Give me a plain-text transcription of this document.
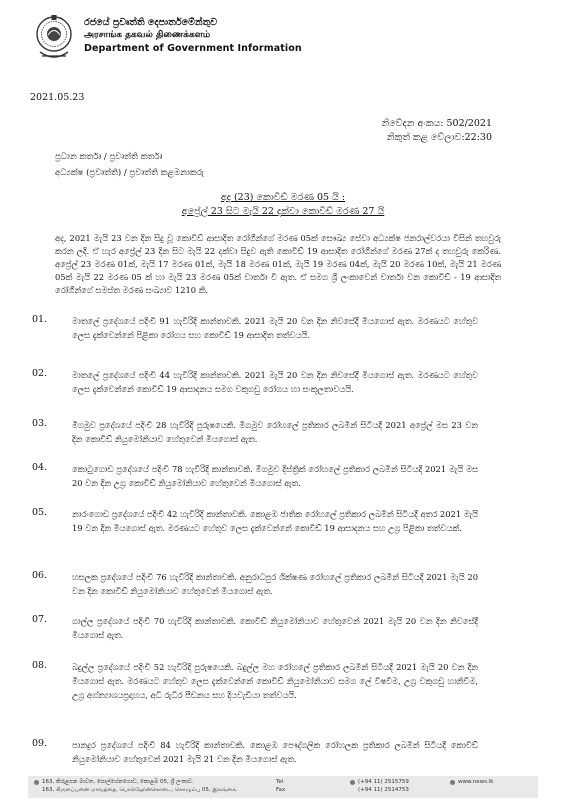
රජයේ ප්‍රවෘත්ති දෙපාර්තමේන්තුව
அரசாங்க தகவல் திணைக்களம்
Department of Government Information
2021.05.23
නිවේදන අංකය: 502/2021
නිකුත් කළ වේලාව:22:30
ප්‍රධාන කර්තෘ / ප්‍රවෘත්ති කර්තෘ
අධ්‍යක්ෂ (ප්‍රවෘත්ති) / ප්‍රවෘත්ති කළමනාකරු
අද (23) කොවිඩ් මරණ 05 යි :
අප්‍රේල් 23 සිට මැයි 22 දක්වා කොවිඩ් මරණ 27 යි
අද, 2021 මැයි 23 වන දින සිදු වූ කොවිඩ් ආසාදිත රෝගීන්ගේ මරණ 05ක් සෞඛ්‍ය සේවා අධ්‍යක්ෂ ජනරාල්වරයා විසින් තහවුරු කරන ලදි. ඒ හැර අප්‍රේල් 23 දින සිට මැයි 22 දක්වා සිදුව ඇති කොවිඩ් 19 ආසාදිත රෝගීන්ගේ මරණ 27ක් ද තහවුරු කෙරිණ. අප්‍රේල් 23 මරණ 01ක්, මැයි 17 මරණ 01ක්, මැයි 18 මරණ 01ක්, මැයි 19 මරණ 04ක්, මැයි 20 මරණ 10ක්, මැයි 21 මරණ 05ක් මැයි 22 මරණ 05 ක් හා මැයි 23 මරණ 05ක් වාර්තා වී ඇත. ඒ සමග ශ්‍රී ලංකාවෙන් වාර්තා වන කොවිඩ් - 19 ආසාදිත රෝගීන්ගේ සමස්ත මරණ සංඛ්‍යාව 1210 කි.
01.	මාතලේ ප්‍රදේශයේ පදිංචි 91 හැවිරිදි කාන්තාවකි. 2021 මැයි 20 වන දින නිවසේදී මියගොස් ඇත. මරණයට හේතුව ලෙස දැක්වෙන්නේ පිළිකා රෝගය සහ කොවිඩ් 19 ආසාදිත තත්වයයි.
02.	මාතලේ ප්‍රදේශයේ පදිංචි 44 හැවිරිදි කාන්තාවකි. 2021 මැයි 20 වන දින නිවසේදී මියගොස් ඇත. මරණයට හේතුව ලෙස දැක්වෙන්නේ කොවිඩ් 19 ආසාදනය සමග වකුගඩු රෝගය හා සංකූලතාවයයි.
03.	මීගමුව ප්‍රදේශයේ පදිංචි 28 හැවිරිදි පුරුෂයෙකි. මීගමුව රෝහලේ ප්‍රතිකාර ලබමින් සිටියදී 2021 අප්‍රේල් මස 23 වන දින කොවිඩ් නියුමෝනියාව හේතුවෙන් මියගොස් ඇත.
04.	කොටුගොඩ ප්‍රදේශයේ පදිංචි 78 හැවිරිදි කාන්තාවකි. මීගමුව දිස්ත්‍රික් රෝහලේ ප්‍රතිකාර ලබමින් සිටියදී 2021 මැයි මස 20 වන දින උග්‍ර කොවිඩ් නියුමෝනියාව හේතුවෙන් මියගොස් ඇත.
05.	නාරංගොඩ ප්‍රදේශයේ පදිංචි 42 හැවිරිදි කාන්තාවකි. කොළඹ ජාතික රෝහලේ ප්‍රතිකාර ලබමින් සිටියදී අතර 2021 මැයි 19 වන දින මියගොස් ඇත. මරණයට හේතුව ලෙස දැක්වෙන්නේ කොවිඩ් 19 ආසාදනය සහ උග්‍ර පිළිකා තත්වයක්.
06.	හසලක ප්‍රදේශයේ පදිංචි 76 හැවිරිදි කාන්තාවකි. අනුරාධපුර ශික්ෂණ රෝහලේ ප්‍රතිකාර ලබමින් සිටියදී 2021 මැයි 20 වන දින කොවිඩ් නියුමෝනියාව හේතුවෙන් මියගොස් ඇත.
07.	ගාල්ල ප්‍රදේශයේ පදිංචි 70 හැවිරිදි කාන්තාවකි. කොවිඩ් නියුමෝනියාව හේතුවෙන් 2021 මැයි 20 වන දින නිවසේදී මියගොස් ඇත.
08.	බදුල්ල ප්‍රදේශයේ පදිංචි 52 හැවිරිදි පුරුෂයෙකි. බදුල්ල මහ රෝහලේ ප්‍රතිකාර ලබමින් සිටියදී 2021 මැයි 20 වන දින මියගොස් ඇත. මරණයට හේතුව ලෙස දැක්වෙන්නේ කොවිඩ් නියුමෝනියාව සමග ලේ විෂවීම, උග්‍ර වකුගඩු හානිවීම, උග්‍ර අග්න්‍යාශයප්‍රදාහය, අධි රුධිර පීඩනය සහ දියවැඩියා තත්වයයි.
09.	පානදුර ප්‍රදේශයේ පදිංචි 84 හැවිරිදි කාන්තාවකි. කොළඹ පෞද්ගලික රෝහලක ප්‍රතිකාර ලබමින් සිටියදී කොවිඩ් නියුමෝනියාව හේතුවෙන් 2021 මැයි 21 වන දින මියගොස් ඇත.
163, කිරුළපන මාවත, පොල්හේනගොඩ, කොළඹ 05, ශ්‍රී ලංකාව.
163, கிருளப்பனை மாவத்தை, பொல்ஹேன்கொடை, கொழும்பு 05, இலங்கை.
Tel
Fax
(+94 11) 2515759
(+94 11) 2514753
www.news.lk
